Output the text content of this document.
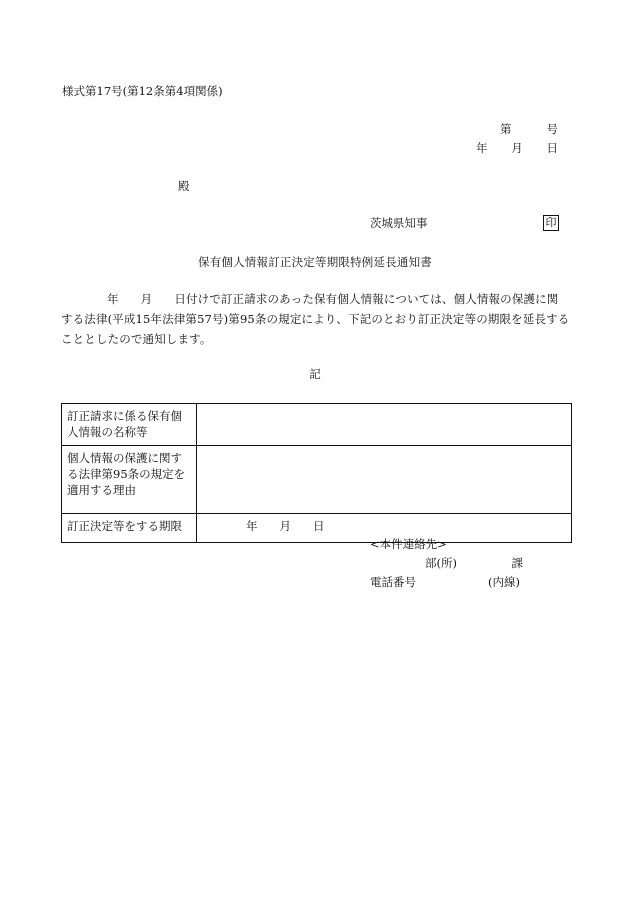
様式第17号(第12条第4項関係)
第	号
年 月 日
殿
茨城県知事	印
保有個人情報訂正決定等期限特例延長通知書
年 月 日付けで訂正請求のあった保有個人情報については、個人情報の保護に関
する法律(平成15年法律第57号)第95条の規定により、下記のとおり訂正決定等の期限を延長する
こととしたので通知します。
記
訂正請求に係る保有個人情報の名称等	
個人情報の保護に関する法律第95条の規定を適用する理由	
訂正決定等をする期限	年 月 日
<本件連絡先>
部(所)	課
電話番号	(内線)
